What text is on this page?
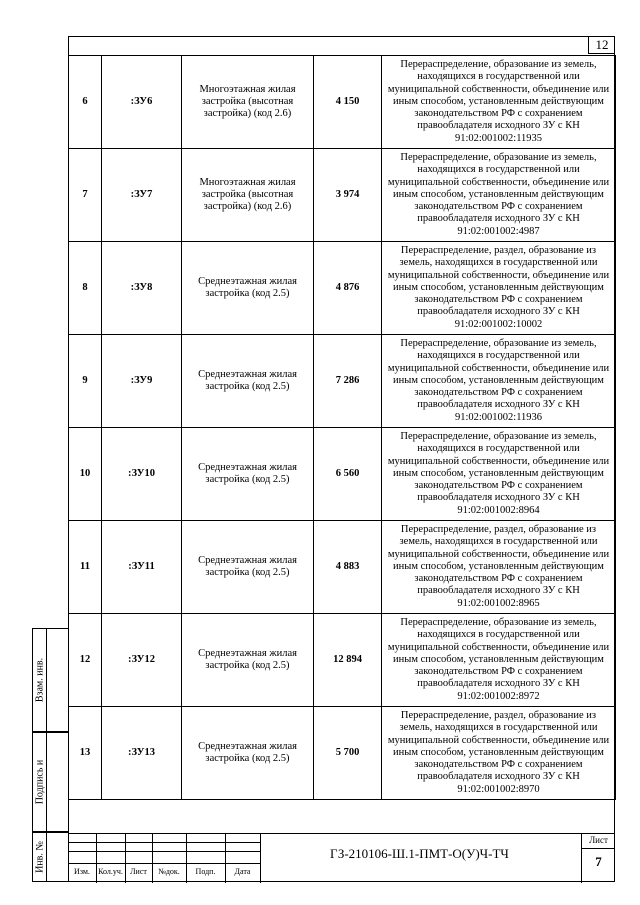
12
6	:ЗУ6	Многоэтажная жилая застройка (высотная застройка) (код 2.6)	4 150	Перераспределение, образование из земель, находящихся в государственной или муниципальной собственности, объединение или иным способом, установленным действующим законодательством РФ с сохранением правообладателя исходного ЗУ с КН 91:02:001002:11935
7	:ЗУ7	Многоэтажная жилая застройка (высотная застройка) (код 2.6)	3 974	Перераспределение, образование из земель, находящихся в государственной или муниципальной собственности, объединение или иным способом, установленным действующим законодательством РФ с сохранением правообладателя исходного ЗУ с КН 91:02:001002:4987
8	:ЗУ8	Среднеэтажная жилая застройка (код 2.5)	4 876	Перераспределение, раздел, образование из земель, находящихся в государственной или муниципальной собственности, объединение или иным способом, установленным действующим законодательством РФ с сохранением правообладателя исходного ЗУ с КН 91:02:001002:10002
9	:ЗУ9	Среднеэтажная жилая застройка (код 2.5)	7 286	Перераспределение, образование из земель, находящихся в государственной или муниципальной собственности, объединение или иным способом, установленным действующим законодательством РФ с сохранением правообладателя исходного ЗУ с КН 91:02:001002:11936
10	:ЗУ10	Среднеэтажная жилая застройка (код 2.5)	6 560	Перераспределение, образование из земель, находящихся в государственной или муниципальной собственности, объединение или иным способом, установленным действующим законодательством РФ с сохранением правообладателя исходного ЗУ с КН 91:02:001002:8964
11	:ЗУ11	Среднеэтажная жилая застройка (код 2.5)	4 883	Перераспределение, раздел, образование из земель, находящихся в государственной или муниципальной собственности, объединение или иным способом, установленным действующим законодательством РФ с сохранением правообладателя исходного ЗУ с КН 91:02:001002:8965
12	:ЗУ12	Среднеэтажная жилая застройка (код 2.5)	12 894	Перераспределение, образование из земель, находящихся в государственной или муниципальной собственности, объединение или иным способом, установленным действующим законодательством РФ с сохранением правообладателя исходного ЗУ с КН 91:02:001002:8972
13	:ЗУ13	Среднеэтажная жилая застройка (код 2.5)	5 700	Перераспределение, раздел, образование из земель, находящихся в государственной или муниципальной собственности, объединение или иным способом, установленным действующим законодательством РФ с сохранением правообладателя исходного ЗУ с КН 91:02:001002:8970
Взам. инв.
Подпись и
Инв. №	Изм.	Кол.уч. Лист	№док.	Подп.	Дата
ГЗ-210106-Ш.1-ПМТ-О(У)Ч-ТЧ
Лист
7
